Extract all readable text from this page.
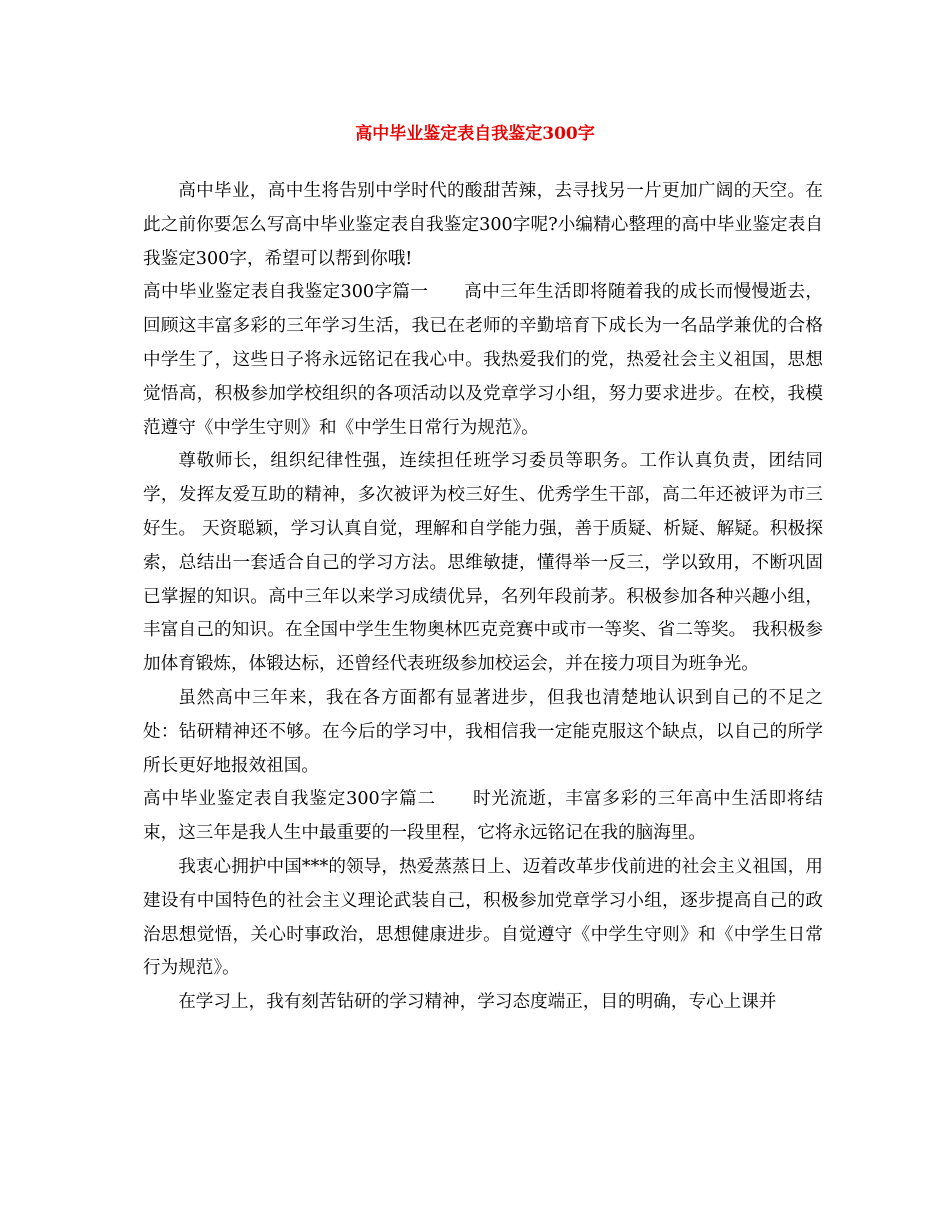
高中毕业鉴定表自我鉴定300字

高中毕业，高中生将告别中学时代的酸甜苦辣，去寻找另一片更加广阔的天空。在此之前你要怎么写高中毕业鉴定表自我鉴定300字呢?小编精心整理的高中毕业鉴定表自我鉴定300字，希望可以帮到你哦!

高中毕业鉴定表自我鉴定300字篇一　　高中三年生活即将随着我的成长而慢慢逝去，回顾这丰富多彩的三年学习生活，我已在老师的辛勤培育下成长为一名品学兼优的合格中学生了，这些日子将永远铭记在我心中。我热爱我们的党，热爱社会主义祖国，思想觉悟高，积极参加学校组织的各项活动以及党章学习小组，努力要求进步。在校，我模范遵守《中学生守则》和《中学生日常行为规范》。

尊敬师长，组织纪律性强，连续担任班学习委员等职务。工作认真负责，团结同学，发挥友爱互助的精神，多次被评为校三好生、优秀学生干部，高二年还被评为市三好生。 天资聪颖，学习认真自觉，理解和自学能力强，善于质疑、析疑、解疑。积极探索，总结出一套适合自己的学习方法。思维敏捷，懂得举一反三，学以致用，不断巩固已掌握的知识。高中三年以来学习成绩优异，名列年段前茅。积极参加各种兴趣小组，丰富自己的知识。在全国中学生生物奥林匹克竞赛中或市一等奖、省二等奖。 我积极参加体育锻炼，体锻达标，还曾经代表班级参加校运会，并在接力项目为班争光。

虽然高中三年来，我在各方面都有显著进步，但我也清楚地认识到自己的不足之处：钻研精神还不够。在今后的学习中，我相信我一定能克服这个缺点，以自己的所学所长更好地报效祖国。

高中毕业鉴定表自我鉴定300字篇二　　时光流逝，丰富多彩的三年高中生活即将结束，这三年是我人生中最重要的一段里程，它将永远铭记在我的脑海里。

我衷心拥护中国***的领导，热爱蒸蒸日上、迈着改革步伐前进的社会主义祖国，用建设有中国特色的社会主义理论武装自己，积极参加党章学习小组，逐步提高自己的政治思想觉悟，关心时事政治，思想健康进步。自觉遵守《中学生守则》和《中学生日常行为规范》。

在学习上，我有刻苦钻研的学习精神，学习态度端正，目的明确，专心上课并
